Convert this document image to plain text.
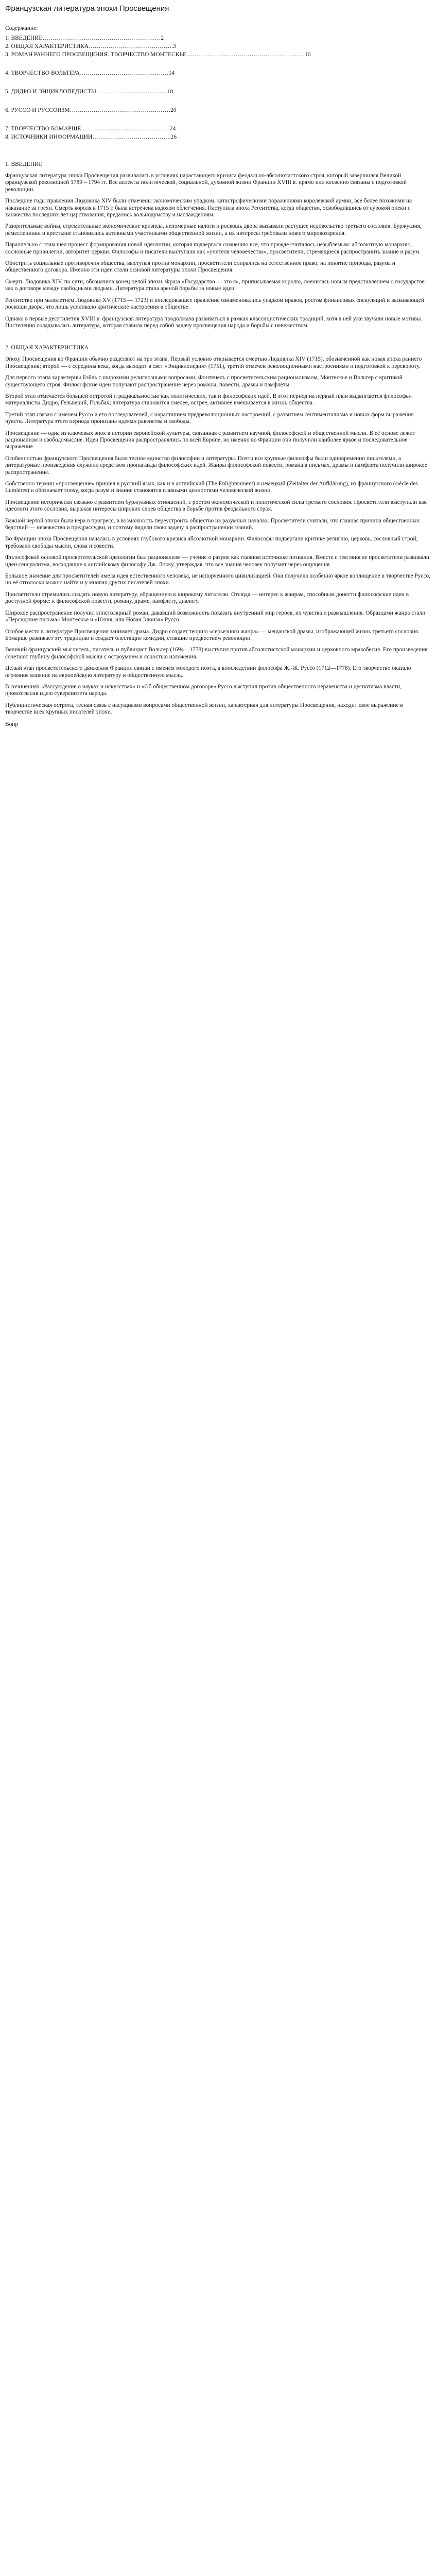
Французская литература эпохи Просвещения
Содержание:
1. ВВЕДЕНИЕ……………………………………………………2
2. ОБЩАЯ ХАРАКТЕРИСТИКА…………………………………….3
3. РОМАН РАННЕГО ПРОСВЕЩЕНИЯ. ТВОРЧЕСТВО МОНТЕСКЬЕ……………………………………………………10
4. ТВОРЧЕСТВО ВОЛЬТЕРА………………………………………14
5. ДИДРО И ЭНЦИКЛОПЕДИСТЫ………………………………18
6. РУССО И РУССОИЗМ……………………………………………20
7. ТВОРЧЕСТВО БОМАРШЕ………………………………………24
8. ИСТОЧНИКИ ИНФОРМАЦИИ………………………………….26
1. ВВЕДЕНИЕ

Французская литература эпохи Просвещения развивалась в условиях нарастающего кризиса феодально-абсолютистского строя, который завершился Великой французской революцией 1789 – 1794 гг. Все аспекты политической, социальной, духовной жизни Франции XVIII в. прямо или косвенно связаны с подготовкой революции.

Последние годы правления Людовика XIV были отмечены экономическим упадком, катастрофическими поражениями королевской армии, все более похожими на наказание за грехи. Смерть короля в 1715 г. была встречена вздохом облегчения. Наступила эпоха Регентства, когда общество, освободившись от суровой опеки и ханжества последних лет царствования, предалось вольнодумству и наслаждениям.

Разорительные войны, стремительные экономические кризисы, непомерные налоги и роскошь двора вызывали растущее недовольство третьего сословия. Буржуазия, ремесленники и крестьяне становились активными участниками общественной жизни, а их интересы требовали нового мировоззрения.

Параллельно с этим шел процесс формирования новой идеологии, которая подвергала сомнению все, что прежде считалось незыблемым: абсолютную монархию, сословные привилегии, авторитет церкви. Философы и писатели выступали как «учителя человечества», просветители, стремящиеся распространить знание и разум.

Обострить социальные противоречия общества, выступая против монархии, просветители опирались на естественное право, на понятие природы, разума и общественного договора. Именно эти идеи стали основой литературы эпохи Просвещения.

Смерть Людовика XIV, по сути, обозначила конец целой эпохи. Фраза «Государство — это я», приписываемая королю, сменилась новым представлением о государстве как о договоре между свободными людьми. Литература стала ареной борьбы за новые идеи.

Регентство при малолетнем Людовике XV (1715 — 1723) и последовавшее правление ознаменовались упадком нравов, ростом финансовых спекуляций и вызывающей роскоши двора, что лишь усиливало критические настроения в обществе.

Однако в первые десятилетия XVIII в. французская литература продолжала развиваться в рамках классицистических традиций, хотя в ней уже звучали новые мотивы. Постепенно складывалась литература, которая ставила перед собой задачу просвещения народа и борьбы с невежеством.

2. ОБЩАЯ ХАРАКТЕРИСТИКА

Эпоху Просвещения во Франции обычно разделяют на три этапа. Первый условно открывается смертью Людовика XIV (1715), обозначенной как новая эпоха раннего Просвещения; второй — с середины века, когда выходит в свет «Энциклопедия» (1751), третий отмечен революционными настроениями и подготовкой к перевороту.

Для первого этапа характерны Бэйль с широкими религиозными вопросами, Фонтенель с просветительским рационализмом, Монтескье и Вольтер с критикой существующего строя. Философские идеи получают распространение через романы, повести, драмы и памфлеты.

Второй этап отмечается большей остротой и радикальностью как политических, так и философских идей. В этот период на первый план выдвигаются философы-материалисты Дидро, Гельвеций, Гольбах; литература становится смелее, острее, активнее вмешивается в жизнь общества.

Третий этап связан с именем Руссо и его последователей, с нарастанием предреволюционных настроений, с развитием сентиментализма и новых форм выражения чувств. Литература этого периода пронизана идеями равенства и свободы.

Просвещение — одна из ключевых эпох в истории европейской культуры, связанная с развитием научной, философской и общественной мысли. В её основе лежит рационализм и свободомыслие. Идеи Просвещения распространялись по всей Европе, но именно во Франции они получили наиболее яркое и последовательное выражение.

Особенностью французского Просвещения было тесное единство философии и литературы. Почти все крупные философы были одновременно писателями, а литературные произведения служили средством пропаганды философских идей. Жанры философской повести, романа в письмах, драмы и памфлета получили широкое распространение.

Собственно термин «просвещение» пришел в русский язык, как и в английский (The Enlightenment) и немецкий (Zeitalter der Aufklärung), из французского (siècle des Lumières) и обозначает эпоху, когда разум и знание становятся главными ценностями человеческой жизни.

Просвещение исторически связано с развитием буржуазных отношений, с ростом экономической и политической силы третьего сословия. Просветители выступали как идеологи этого сословия, выражая интересы широких слоев общества в борьбе против феодального строя.

Важной чертой эпохи была вера в прогресс, в возможность переустроить общество на разумных началах. Просветители считали, что главная причина общественных бедствий — невежество и предрассудки, и поэтому видели свою задачу в распространении знаний.

Во Франции эпоха Просвещения началась в условиях глубокого кризиса абсолютной монархии. Философы подвергали критике религию, церковь, сословный строй, требовали свободы мысли, слова и совести.

Философской основой просветительской идеологии был рационализм — учение о разуме как главном источнике познания. Вместе с тем многие просветители развивали идеи сенсуализма, восходящие к английскому философу Дж. Локку, утверждая, что все знания человек получает через ощущения.

Большое значение для просветителей имела идея естественного человека, не испорченного цивилизацией. Она получила особенно яркое воплощение в творчестве Руссо, но её отголоски можно найти и у многих других писателей эпохи.

Просветители стремились создать новую литературу, обращенную к широкому читателю. Отсюда — интерес к жанрам, способным донести философские идеи в доступной форме: к философской повести, роману, драме, памфлету, диалогу.

Широкое распространение получил эпистолярный роман, дававший возможность показать внутренний мир героев, их чувства и размышления. Образцами жанра стали «Персидские письма» Монтескье и «Юлия, или Новая Элоиза» Руссо.

Особое место в литературе Просвещения занимает драма. Дидро создает теорию «серьезного жанра» — мещанской драмы, изображающей жизнь третьего сословия. Бомарше развивает эту традицию и создает блестящие комедии, ставшие предвестием революции.

Великий французский мыслитель, писатель и публицист Вольтер (1694—1778) выступил против абсолютистской монархии и церковного мракобесия. Его произведения сочетают глубину философской мысли с остроумием и ясностью изложения.

Целый этап просветительского движения Франции связан с именем молодого поэта, а впоследствии философа Ж.-Ж. Руссо (1712—1778). Его творчество оказало огромное влияние на европейскую литературу и общественную мысль.

В сочинениях «Рассуждение о науках и искусствах» и «Об общественном договоре» Руссо выступил против общественного неравенства и деспотизма власти, провозгласив идею суверенитета народа.

Публицистическая острота, тесная связь с насущными вопросами общественной жизни, характерная для литературы Просвещения, находит свое выражение в творчестве всех крупных писателей эпохи.

Вопр
